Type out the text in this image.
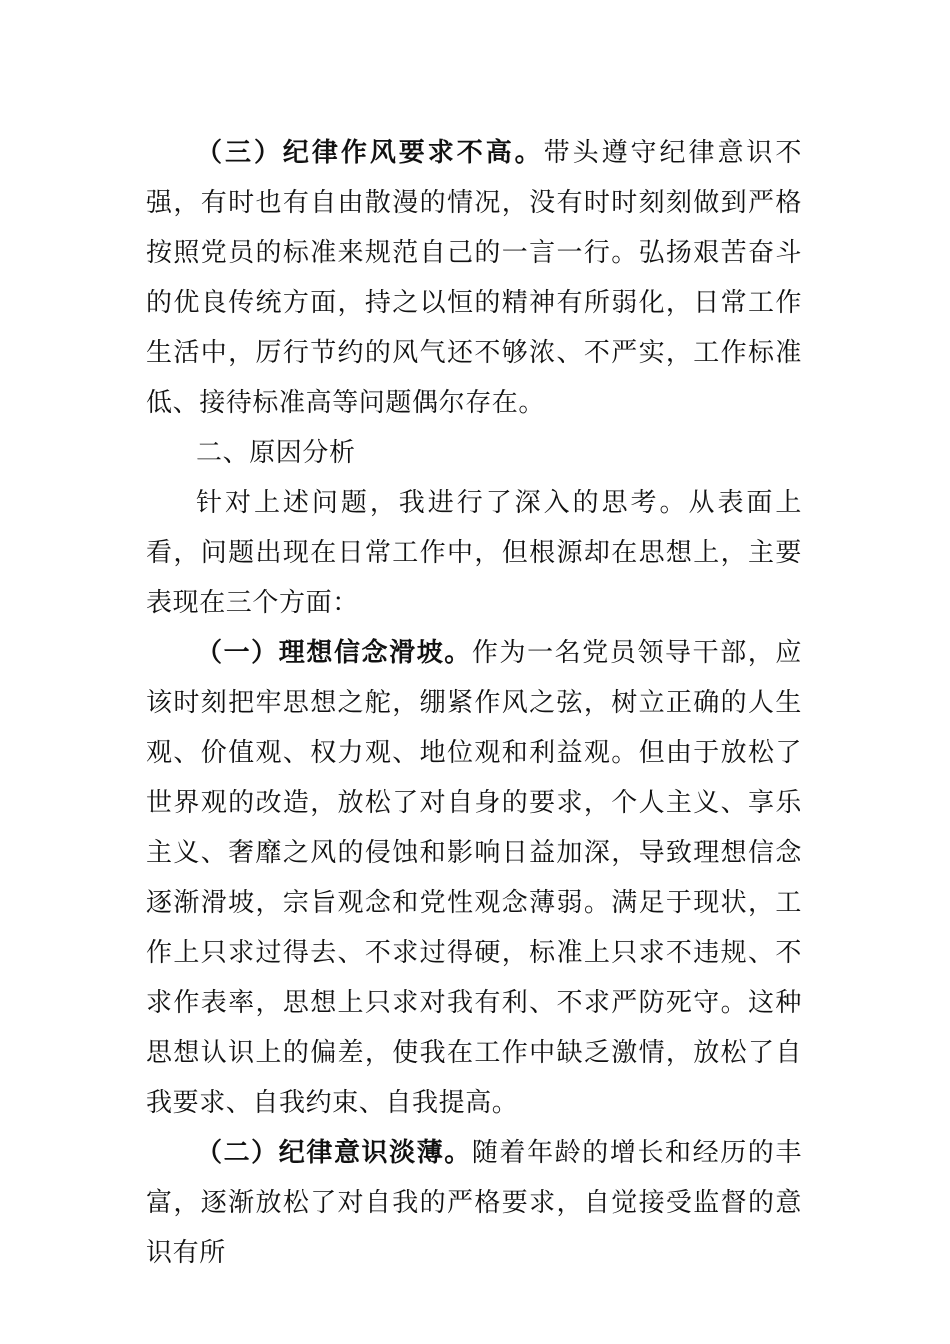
（三）纪律作风要求不高。带头遵守纪律意识不强，有时也有自由散漫的情况，没有时时刻刻做到严格按照党员的标准来规范自己的一言一行。弘扬艰苦奋斗的优良传统方面，持之以恒的精神有所弱化，日常工作生活中，厉行节约的风气还不够浓、不严实，工作标准低、接待标准高等问题偶尔存在。

二、原因分析

针对上述问题，我进行了深入的思考。从表面上看，问题出现在日常工作中，但根源却在思想上，主要表现在三个方面：

（一）理想信念滑坡。作为一名党员领导干部，应该时刻把牢思想之舵，绷紧作风之弦，树立正确的人生观、价值观、权力观、地位观和利益观。但由于放松了世界观的改造，放松了对自身的要求，个人主义、享乐主义、奢靡之风的侵蚀和影响日益加深，导致理想信念逐渐滑坡，宗旨观念和党性观念薄弱。满足于现状，工作上只求过得去、不求过得硬，标准上只求不违规、不求作表率，思想上只求对我有利、不求严防死守。这种思想认识上的偏差，使我在工作中缺乏激情，放松了自我要求、自我约束、自我提高。

（二）纪律意识淡薄。随着年龄的增长和经历的丰富，逐渐放松了对自我的严格要求，自觉接受监督的意识有所
